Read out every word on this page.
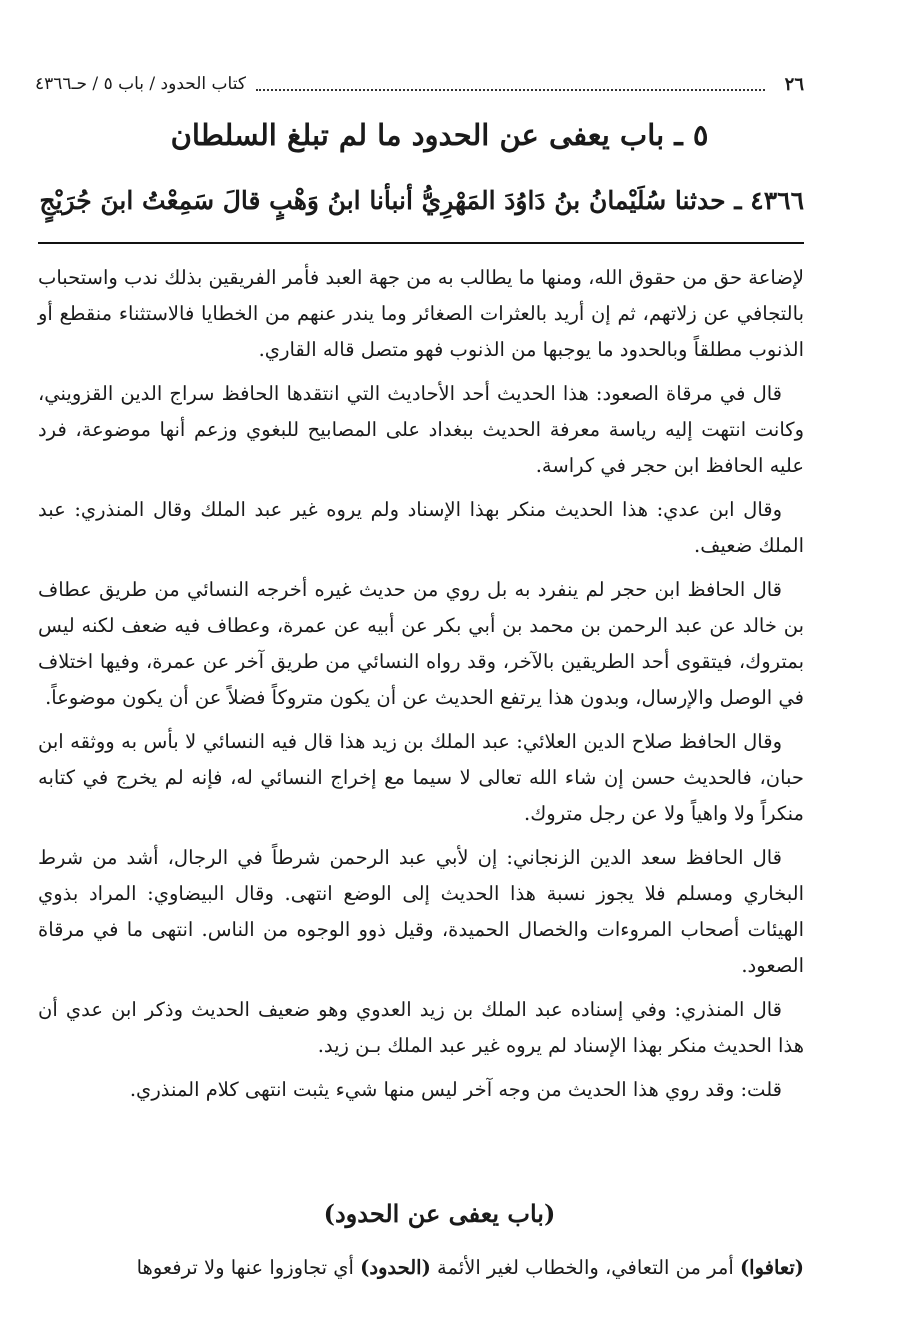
٢٦
كتاب الحدود / باب ٥ / حـ٤٣٦٦
٥ ـ باب يعفى عن الحدود ما لم تبلغ السلطان
٤٣٦٦ ـ حدثنا سُلَيْمانُ بنُ دَاوُدَ المَهْرِيُّ أنبأنا ابنُ وَهْبٍ قالَ سَمِعْتُ ابنَ جُرَيْجٍ

لإضاعة حق من حقوق الله، ومنها ما يطالب به من جهة العبد فأمر الفريقين بذلك ندب واستحباب بالتجافي عن زلاتهم، ثم إن أريد بالعثرات الصغائر وما يندر عنهم من الخطايا فالاستثناء منقطع أو الذنوب مطلقاً وبالحدود ما يوجبها من الذنوب فهو متصل قاله القاري.

قال في مرقاة الصعود: هذا الحديث أحد الأحاديث التي انتقدها الحافظ سراج الدين القزويني، وكانت انتهت إليه رياسة معرفة الحديث ببغداد على المصابيح للبغوي وزعم أنها موضوعة، فرد عليه الحافظ ابن حجر في كراسة.

وقال ابن عدي: هذا الحديث منكر بهذا الإسناد ولم يروه غير عبد الملك وقال المنذري: عبد الملك ضعيف.

قال الحافظ ابن حجر لم ينفرد به بل روي من حديث غيره أخرجه النسائي من طريق عطاف بن خالد عن عبد الرحمن بن محمد بن أبي بكر عن أبيه عن عمرة، وعطاف فيه ضعف لكنه ليس بمتروك، فيتقوى أحد الطريقين بالآخر، وقد رواه النسائي من طريق آخر عن عمرة، وفيها اختلاف في الوصل والإرسال، وبدون هذا يرتفع الحديث عن أن يكون متروكاً فضلاً عن أن يكون موضوعاً.

وقال الحافظ صلاح الدين العلائي: عبد الملك بن زيد هذا قال فيه النسائي لا بأس به ووثقه ابن حبان، فالحديث حسن إن شاء الله تعالى لا سيما مع إخراج النسائي له، فإنه لم يخرج في كتابه منكراً ولا واهياً ولا عن رجل متروك.

قال الحافظ سعد الدين الزنجاني: إن لأبي عبد الرحمن شرطاً في الرجال، أشد من شرط البخاري ومسلم فلا يجوز نسبة هذا الحديث إلى الوضع انتهى. وقال البيضاوي: المراد بذوي الهيئات أصحاب المروءات والخصال الحميدة، وقيل ذوو الوجوه من الناس. انتهى ما في مرقاة الصعود.

قال المنذري: وفي إسناده عبد الملك بن زيد العدوي وهو ضعيف الحديث وذكر ابن عدي أن هذا الحديث منكر بهذا الإسناد لم يروه غير عبد الملك بـن زيد.

قلت: وقد روي هذا الحديث من وجه آخر ليس منها شيء يثبت انتهى كلام المنذري.

(باب يعفى عن الحدود)
(تعافوا) أمر من التعافي، والخطاب لغير الأئمة (الحدود) أي تجاوزوا عنها ولا ترفعوها
